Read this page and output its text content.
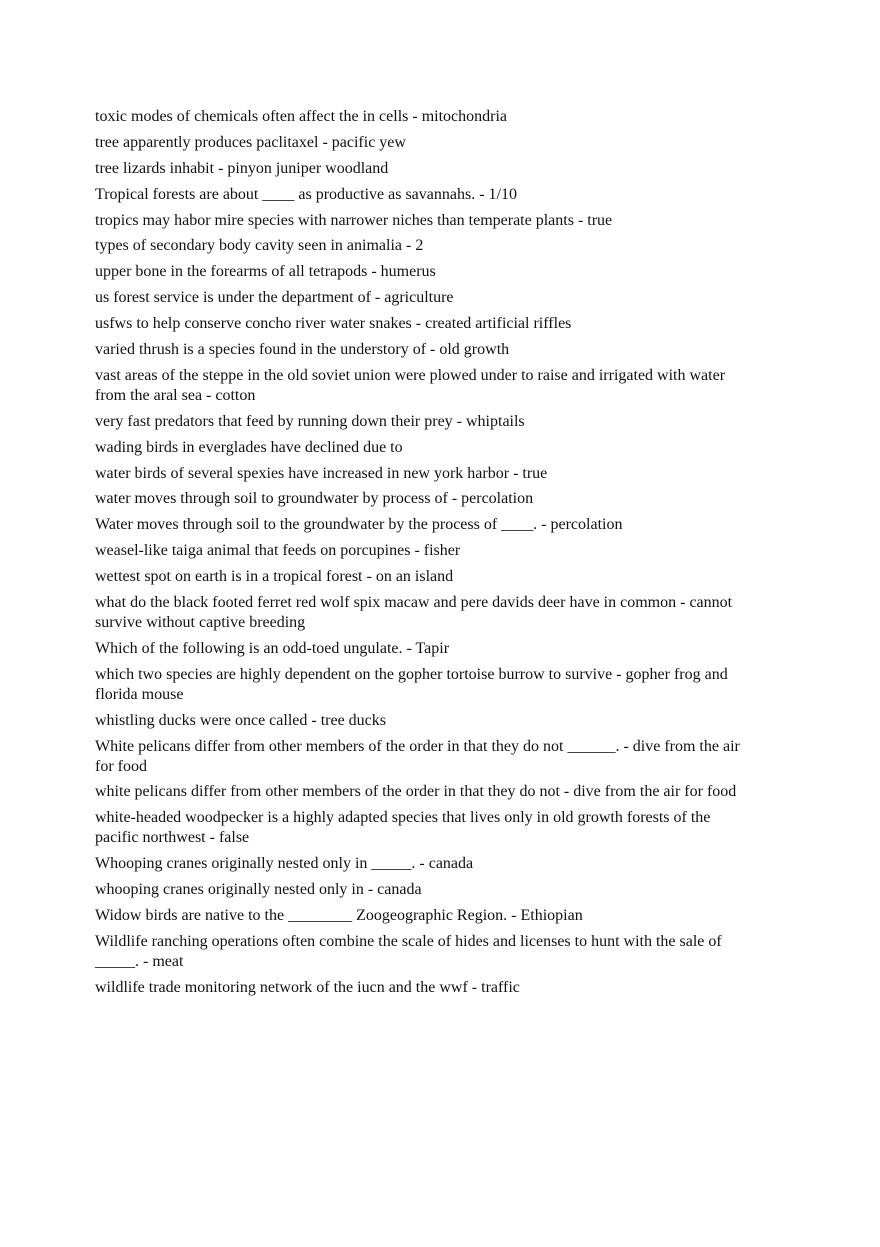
toxic modes of chemicals often affect the in cells - mitochondria
tree apparently produces paclitaxel - pacific yew
tree lizards inhabit - pinyon juniper woodland
Tropical forests are about ____ as productive as savannahs. - 1/10
tropics may habor mire species with narrower niches than temperate plants - true
types of secondary body cavity seen in animalia - 2
upper bone in the forearms of all tetrapods - humerus
us forest service is under the department of - agriculture
usfws to help conserve concho river water snakes - created artificial riffles
varied thrush is a species found in the understory of - old growth
vast areas of the steppe in the old soviet union were plowed under to raise and irrigated with water from the aral sea - cotton
very fast predators that feed by running down their prey - whiptails
wading birds in everglades have declined due to
water birds of several spexies have increased in new york harbor - true
water moves through soil to groundwater by process of - percolation
Water moves through soil to the groundwater by the process of ____. - percolation
weasel-like taiga animal that feeds on porcupines - fisher
wettest spot on earth is in a tropical forest - on an island
what do the black footed ferret red wolf spix macaw and pere davids deer have in common - cannot survive without captive breeding
Which of the following is an odd-toed ungulate. - Tapir
which two species are highly dependent on the gopher tortoise burrow to survive - gopher frog and florida mouse
whistling ducks were once called - tree ducks
White pelicans differ from other members of the order in that they do not ______. - dive from the air for food
white pelicans differ from other members of the order in that they do not - dive from the air for food
white-headed woodpecker is a highly adapted species that lives only in old growth forests of the pacific northwest - false
Whooping cranes originally nested only in _____. - canada
whooping cranes originally nested only in - canada
Widow birds are native to the ________ Zoogeographic Region. - Ethiopian
Wildlife ranching operations often combine the scale of hides and licenses to hunt with the sale of _____. - meat
wildlife trade monitoring network of the iucn and the wwf - traffic
